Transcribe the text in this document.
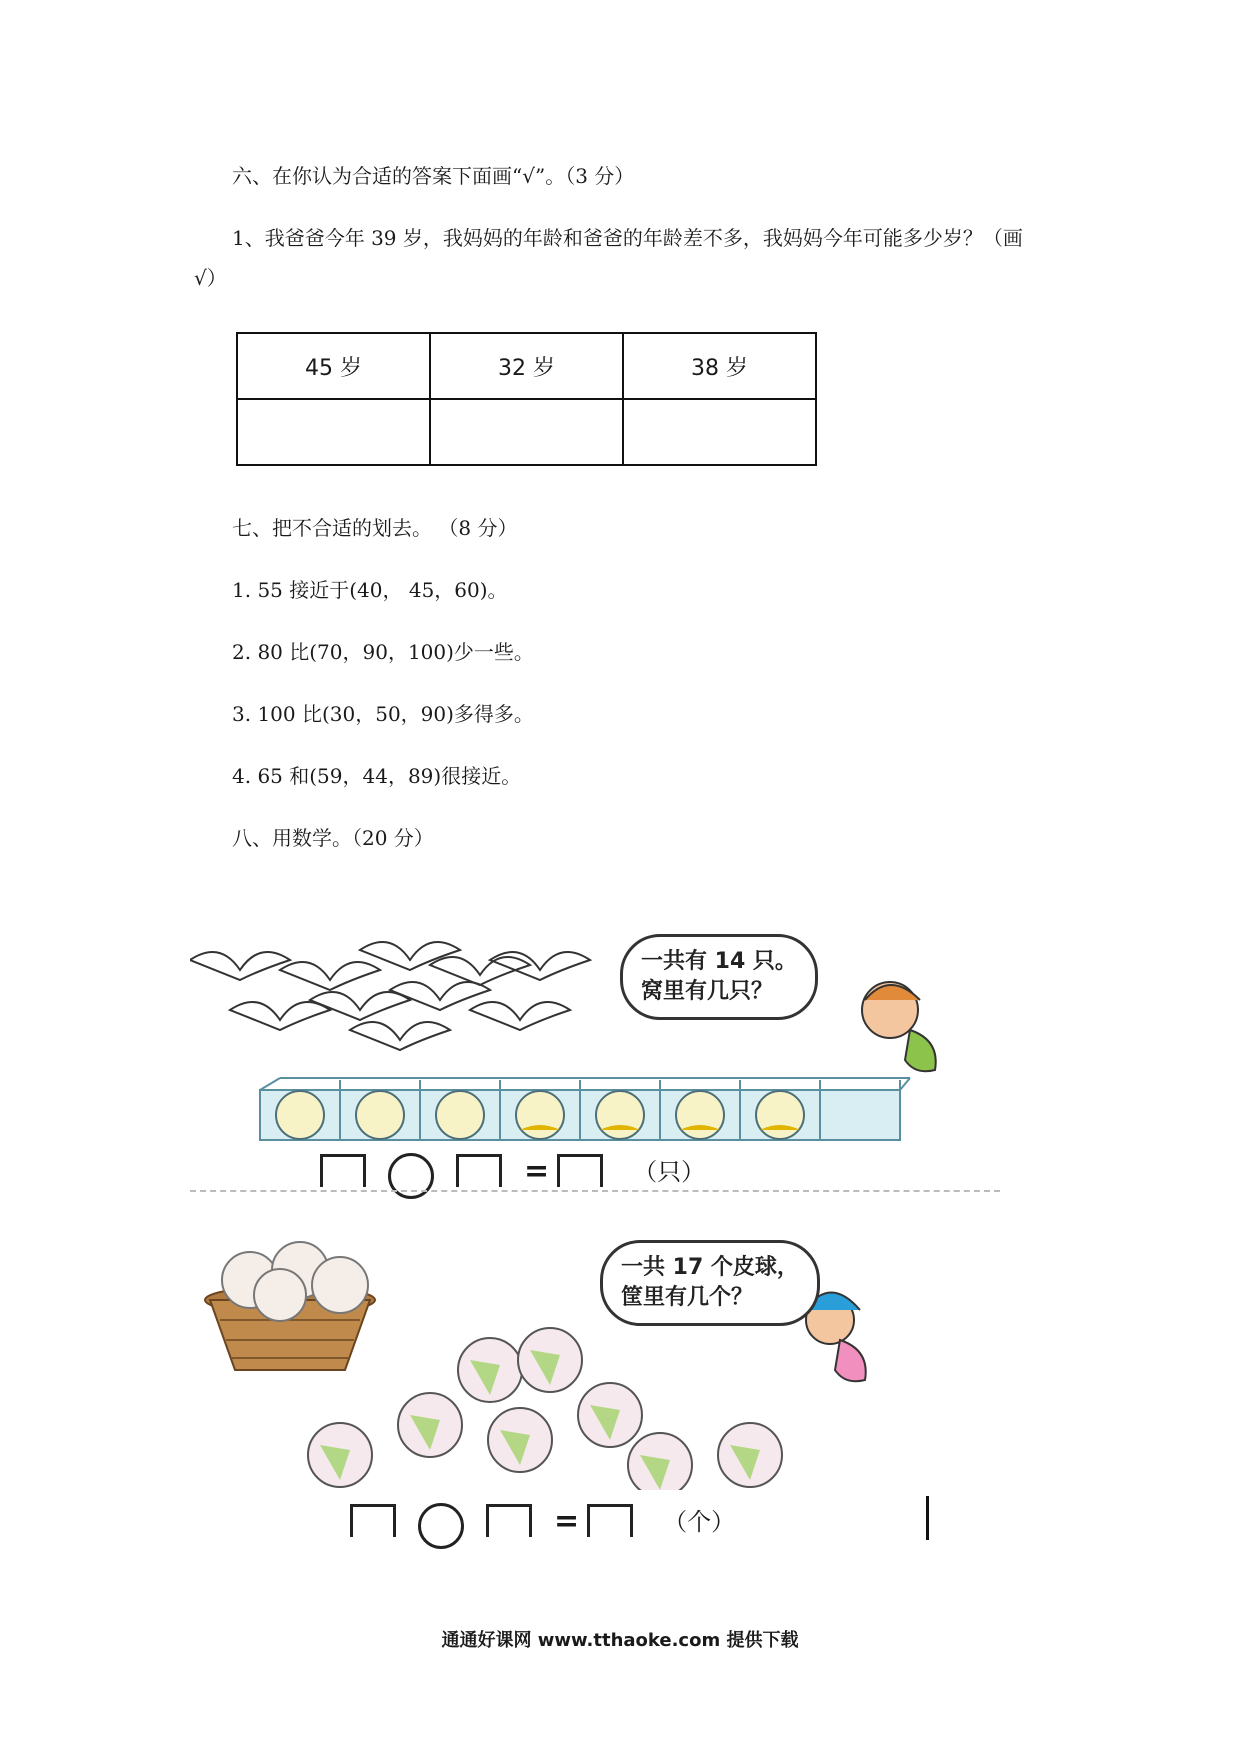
六、在你认为合适的答案下面画“√”。（3 分）
1、我爸爸今年 39 岁，我妈妈的年龄和爸爸的年龄差不多，我妈妈今年可能多少岁？（画
√）
45 岁	32 岁	38 岁

七、把不合适的划去。 （8 分）
1. 55 接近于(40， 45，60)。
2. 80 比(70，90，100)少一些。
3. 100 比(30，50，90)多得多。
4. 65 和(59，44，89)很接近。
八、用数学。（20 分）
一共有 14 只。
窝里有几只？
=	（只）
一共 17 个皮球，
筐里有几个？
=	（个）
通通好课网 www.tthaoke.com 提供下载
